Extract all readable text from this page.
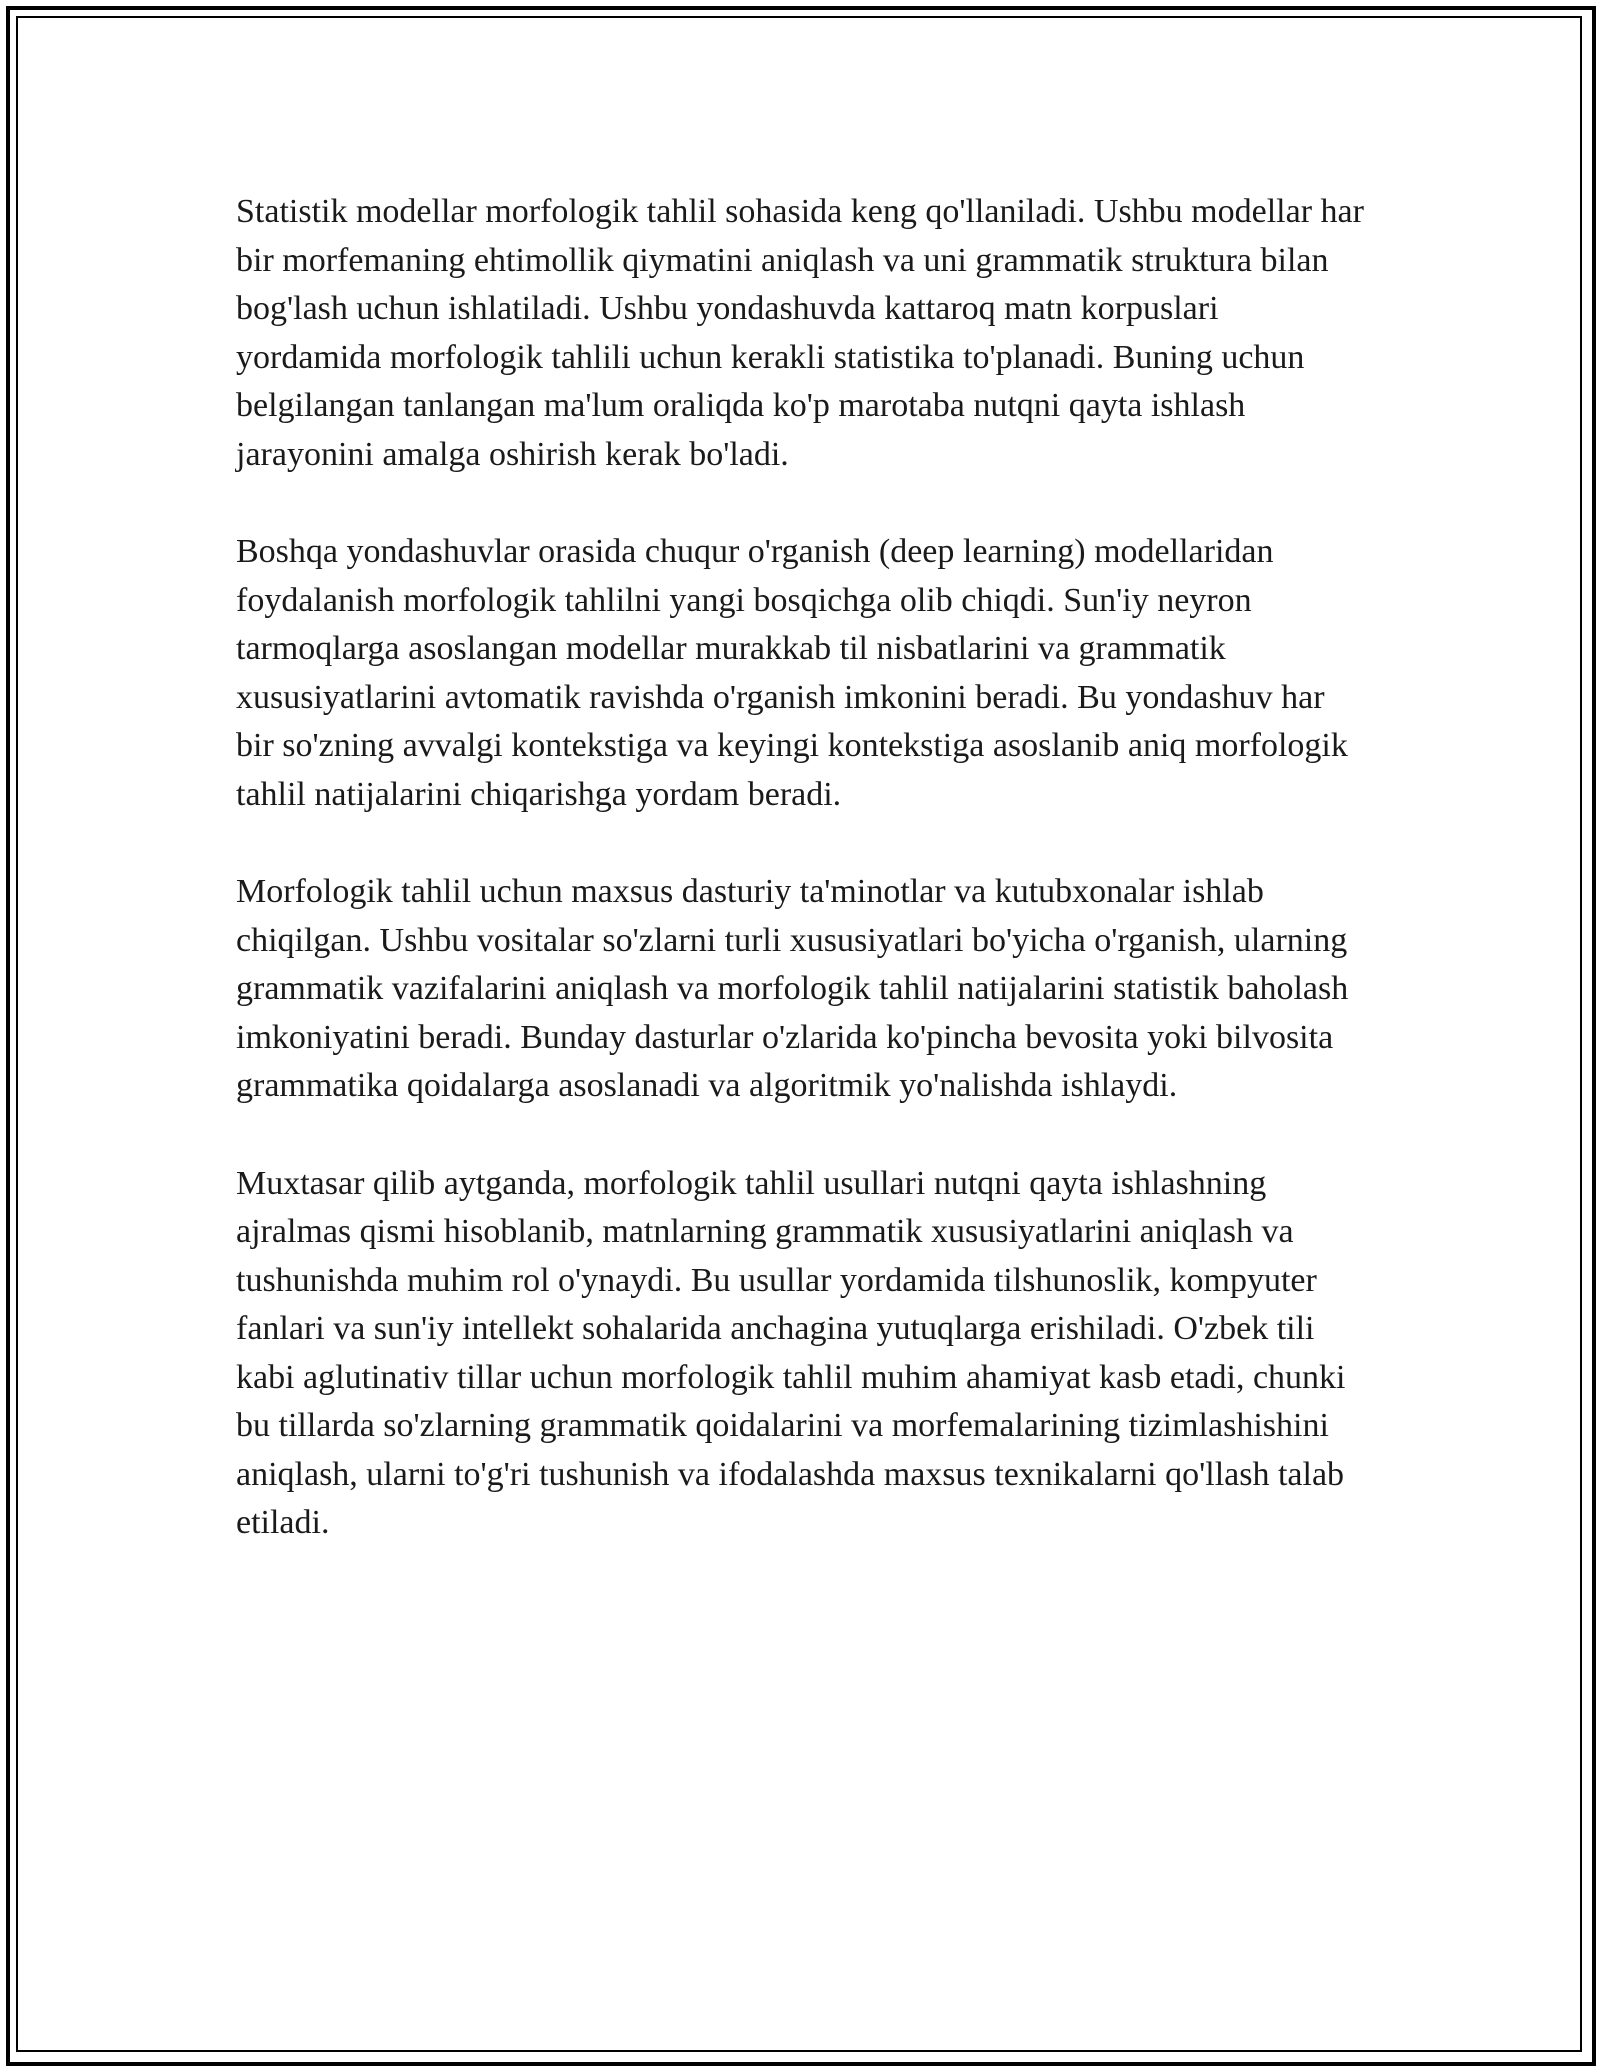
Statistik modellar morfologik tahlil sohasida keng qo'llaniladi. Ushbu modellar har bir morfemaning ehtimollik qiymatini aniqlash va uni grammatik struktura bilan bog'lash uchun ishlatiladi. Ushbu yondashuvda kattaroq matn korpuslari yordamida morfologik tahlili uchun kerakli statistika to'planadi. Buning uchun belgilangan tanlangan ma'lum oraliqda ko'p marotaba nutqni qayta ishlash jarayonini amalga oshirish kerak bo'ladi.

Boshqa yondashuvlar orasida chuqur o'rganish (deep learning) modellaridan foydalanish morfologik tahlilni yangi bosqichga olib chiqdi. Sun'iy neyron tarmoqlarga asoslangan modellar murakkab til nisbatlarini va grammatik xususiyatlarini avtomatik ravishda o'rganish imkonini beradi. Bu yondashuv har bir so'zning avvalgi kontekstiga va keyingi kontekstiga asoslanib aniq morfologik tahlil natijalarini chiqarishga yordam beradi.

Morfologik tahlil uchun maxsus dasturiy ta'minotlar va kutubxonalar ishlab chiqilgan. Ushbu vositalar so'zlarni turli xususiyatlari bo'yicha o'rganish, ularning grammatik vazifalarini aniqlash va morfologik tahlil natijalarini statistik baholash imkoniyatini beradi. Bunday dasturlar o'zlarida ko'pincha bevosita yoki bilvosita grammatika qoidalarga asoslanadi va algoritmik yo'nalishda ishlaydi.

Muxtasar qilib aytganda, morfologik tahlil usullari nutqni qayta ishlashning ajralmas qismi hisoblanib, matnlarning grammatik xususiyatlarini aniqlash va tushunishda muhim rol o'ynaydi. Bu usullar yordamida tilshunoslik, kompyuter fanlari va sun'iy intellekt sohalarida anchagina yutuqlarga erishiladi. O'zbek tili kabi aglutinativ tillar uchun morfologik tahlil muhim ahamiyat kasb etadi, chunki bu tillarda so'zlarning grammatik qoidalarini va morfemalarining tizimlashishini aniqlash, ularni to'g'ri tushunish va ifodalashda maxsus texnikalarni qo'llash talab etiladi.
